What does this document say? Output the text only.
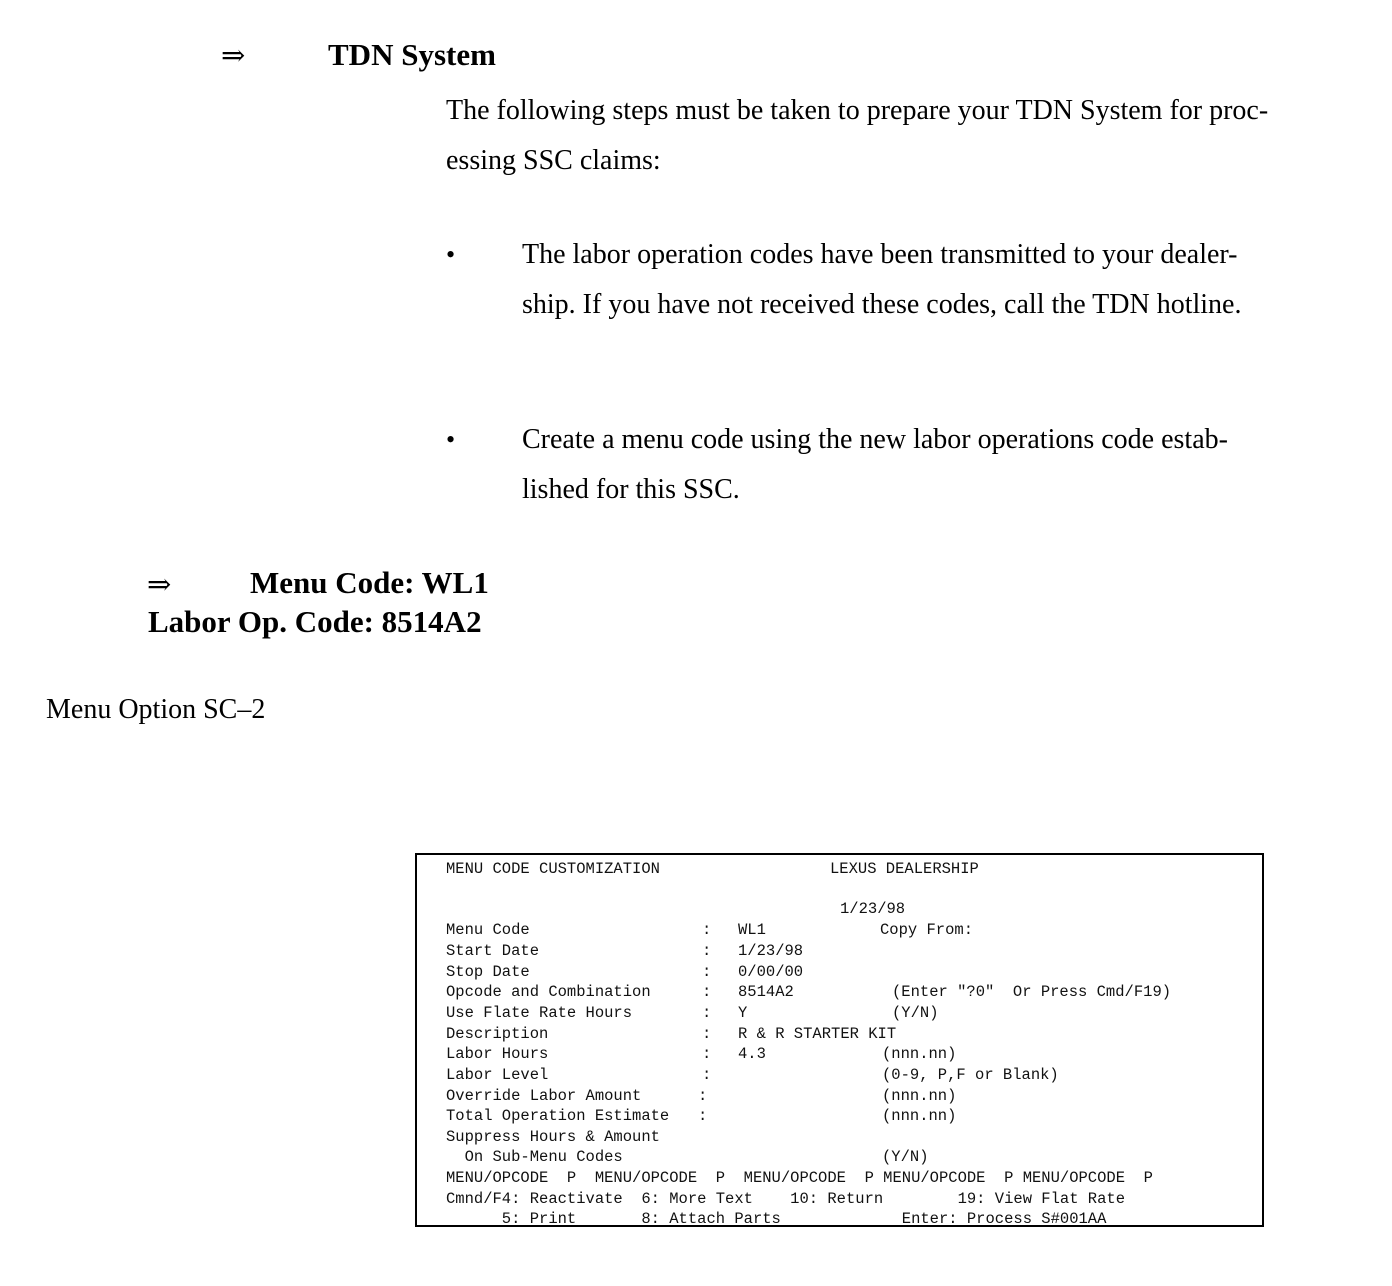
⇒	TDN System
The following steps must be taken to prepare your TDN System for proc-
essing SSC claims:
• The labor operation codes have been transmitted to your dealer-
ship. If you have not received these codes, call the TDN hotline.
• Create a menu code using the new labor operations code estab-
lished for this SSC.
⇒	Menu Code: WL1
Labor Op. Code: 8514A2
Menu Option SC–2
MENU CODE CUSTOMIZATION	LEXUS DEALERSHIP
1/23/98
Menu Code	: WL1	Copy From:
Start Date	: 1/23/98
Stop Date	: 0/00/00
Opcode and Combination	: 8514A2	(Enter "?0"  Or Press Cmd/F19)
Use Flate Rate Hours	: Y	(Y/N)
Description	: R & R STARTER KIT
Labor Hours	: 4.3	(nnn.nn)
Labor Level	:	(0-9, P,F or Blank)
Override Labor Amount	:	(nnn.nn)
Total Operation Estimate :	(nnn.nn)
Suppress Hours & Amount
On Sub-Menu Codes	(Y/N)
MENU/OPCODE  P  MENU/OPCODE  P  MENU/OPCODE  P MENU/OPCODE  P MENU/OPCODE  P
Cmnd/F4: Reactivate  6: More Text    10: Return        19: View Flat Rate
5: Print       8: Attach Parts             Enter: Process S#001AA
